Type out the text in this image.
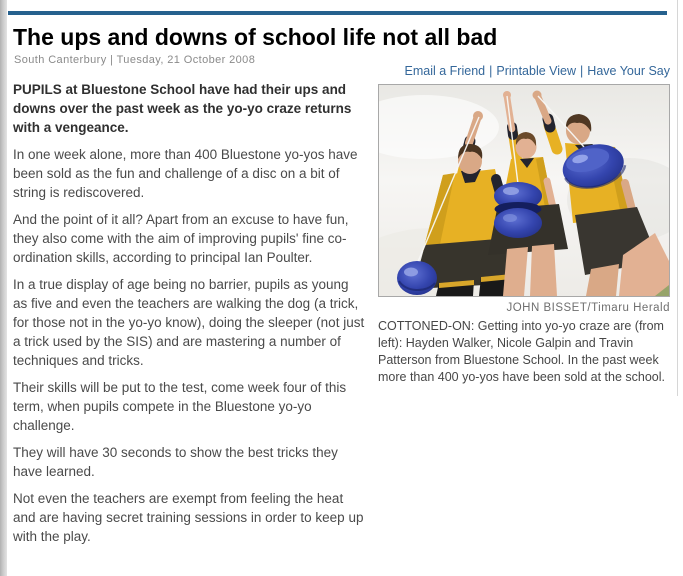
The ups and downs of school life not all bad
South Canterbury | Tuesday, 21 October 2008
Email a Friend | Printable View | Have Your Say

PUPILS at Bluestone School have had their ups and downs over the past week as the yo-yo craze returns with a vengeance.

In one week alone, more than 400 Bluestone yo-yos have been sold as the fun and challenge of a disc on a bit of string is rediscovered.

And the point of it all? Apart from an excuse to have fun, they also come with the aim of improving pupils' fine co-ordination skills, according to principal Ian Poulter.

In a true display of age being no barrier, pupils as young as five and even the teachers are walking the dog (a trick, for those not in the yo-yo know), doing the sleeper (not just a trick used by the SIS) and are mastering a number of techniques and tricks.

Their skills will be put to the test, come week four of this term, when pupils compete in the Bluestone yo-yo challenge.

They will have 30 seconds to show the best tricks they have learned.

Not even the teachers are exempt from feeling the heat and are having secret training sessions in order to keep up with the play.

JOHN BISSET/Timaru Herald
COTTONED-ON: Getting into yo-yo craze are (from left): Hayden Walker, Nicole Galpin and Travin Patterson from Bluestone School. In the past week more than 400 yo-yos have been sold at the school.
